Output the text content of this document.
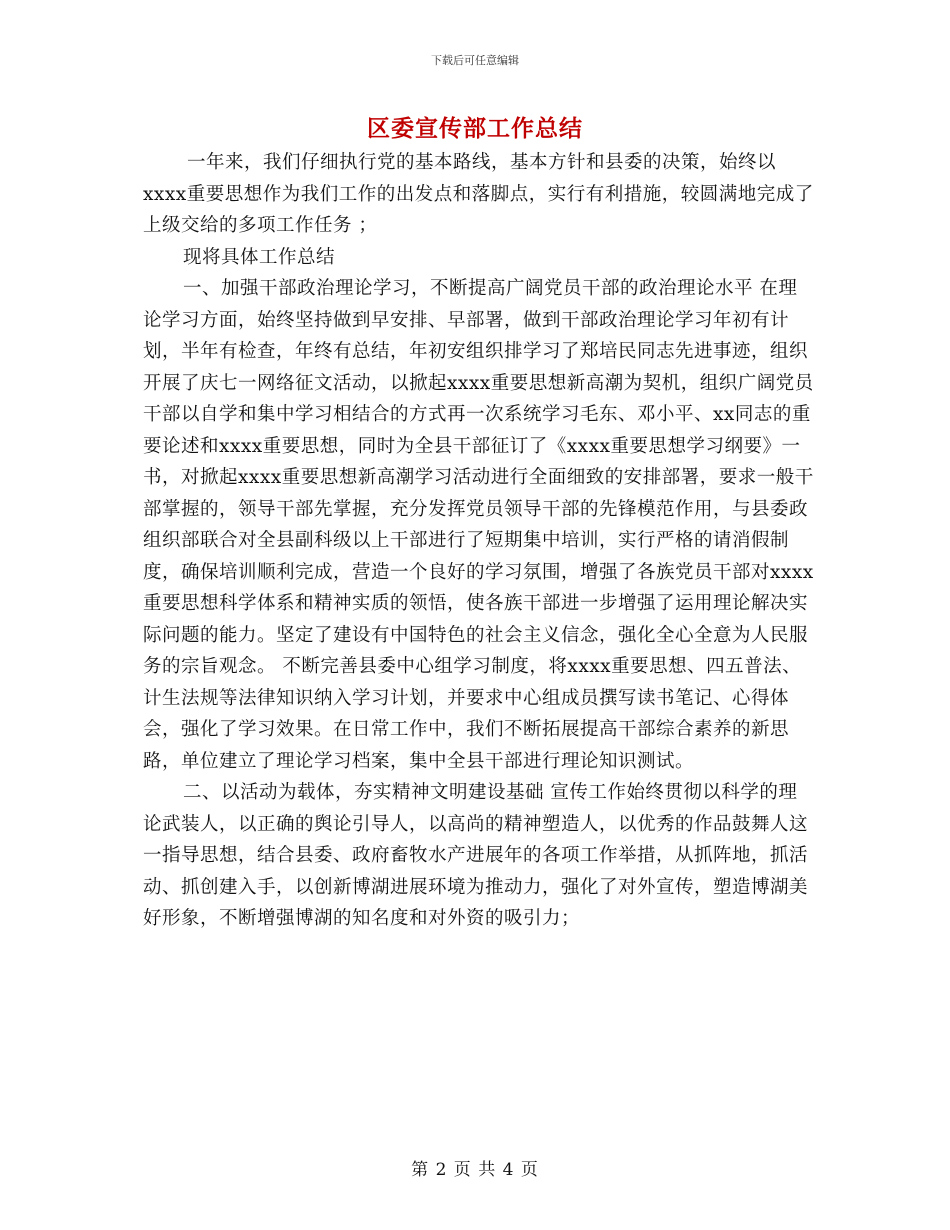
下载后可任意编辑
区委宣传部工作总结

一年来，我们仔细执行党的基本路线，基本方针和县委的决策，始终以xxxx重要思想作为我们工作的出发点和落脚点，实行有利措施，较圆满地完成了上级交给的多项工作任务 ；

现将具体工作总结

一、加强干部政治理论学习，不断提高广阔党员干部的政治理论水平 在理论学习方面，始终坚持做到早安排、早部署，做到干部政治理论学习年初有计划，半年有检查，年终有总结，年初安组织排学习了郑培民同志先进事迹，组织开展了庆七一网络征文活动，以掀起xxxx重要思想新高潮为契机，组织广阔党员干部以自学和集中学习相结合的方式再一次系统学习毛东、邓小平、xx同志的重要论述和xxxx重要思想，同时为全县干部征订了《xxxx重要思想学习纲要》一书，对掀起xxxx重要思想新高潮学习活动进行全面细致的安排部署，要求一般干部掌握的，领导干部先掌握，充分发挥党员领导干部的先锋模范作用，与县委政组织部联合对全县副科级以上干部进行了短期集中培训，实行严格的请消假制度，确保培训顺利完成，营造一个良好的学习氛围，增强了各族党员干部对xxxx重要思想科学体系和精神实质的领悟，使各族干部进一步增强了运用理论解决实际问题的能力。坚定了建设有中国特色的社会主义信念，强化全心全意为人民服务的宗旨观念。 不断完善县委中心组学习制度，将xxxx重要思想、四五普法、计生法规等法律知识纳入学习计划，并要求中心组成员撰写读书笔记、心得体会，强化了学习效果。在日常工作中，我们不断拓展提高干部综合素养的新思路，单位建立了理论学习档案，集中全县干部进行理论知识测试。

二、以活动为载体，夯实精神文明建设基础 宣传工作始终贯彻以科学的理论武装人，以正确的舆论引导人，以高尚的精神塑造人，以优秀的作品鼓舞人这一指导思想，结合县委、政府畜牧水产进展年的各项工作举措，从抓阵地，抓活动、抓创建入手，以创新博湖进展环境为推动力，强化了对外宣传，塑造博湖美好形象，不断增强博湖的知名度和对外资的吸引力；

第 2 页 共 4 页
